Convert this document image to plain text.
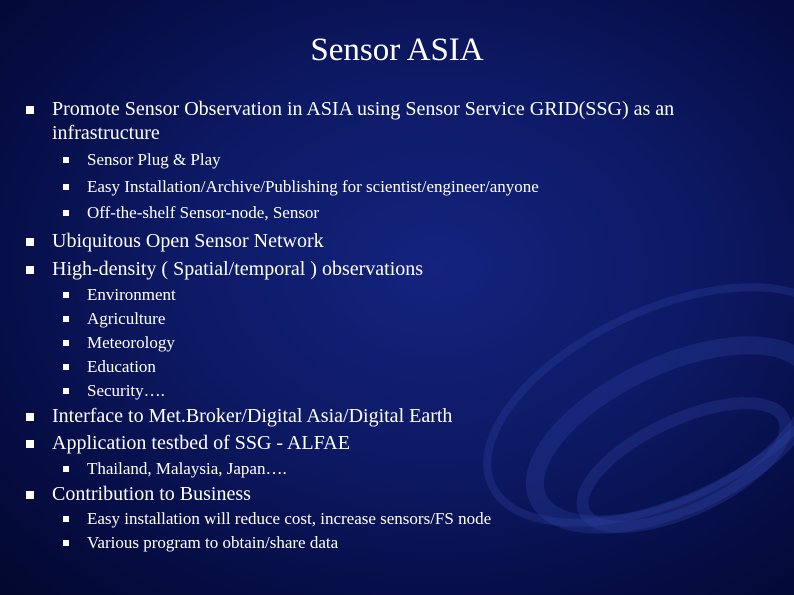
Sensor ASIA
Promote Sensor Observation in ASIA using Sensor Service GRID(SSG) as an infrastructure
Sensor Plug & Play
Easy Installation/Archive/Publishing for scientist/engineer/anyone
Off-the-shelf Sensor-node, Sensor
Ubiquitous Open Sensor Network
High-density ( Spatial/temporal ) observations
Environment
Agriculture
Meteorology
Education
Security….
Interface to Met.Broker/Digital Asia/Digital Earth
Application testbed of SSG - ALFAE
Thailand, Malaysia, Japan….
Contribution to Business
Easy installation will reduce cost, increase sensors/FS node
Various program to obtain/share data
